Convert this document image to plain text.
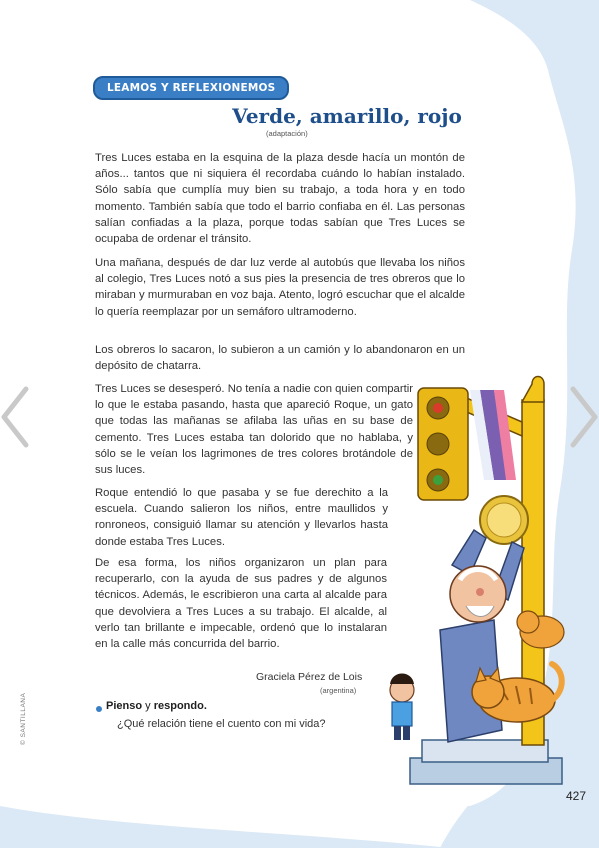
LEAMOS Y REFLEXIONEMOS
Verde, amarillo, rojo
(adaptación)
Tres Luces estaba en la esquina de la plaza desde hacía un montón de años... tantos que ni siquiera él recordaba cuándo lo habían instalado. Sólo sabía que cumplía muy bien su trabajo, a toda hora y en todo momento. También sabía que todo el barrio confiaba en él. Las personas salían confiadas a la plaza, porque todas sabían que Tres Luces se ocupaba de ordenar el tránsito.
Una mañana, después de dar luz verde al autobús que llevaba los niños al colegio, Tres Luces notó a sus pies la presencia de tres obreros que lo miraban y murmuraban en voz baja. Atento, logró escuchar que el alcalde lo quería reemplazar por un semáforo ultramoderno.
Los obreros lo sacaron, lo subieron a un camión y lo abandonaron en un depósito de chatarra.
Tres Luces se desesperó. No tenía a nadie con quien compartir lo que le estaba pasando, hasta que apareció Roque, un gato que todas las mañanas se afilaba las uñas en su base de cemento. Tres Luces estaba tan dolorido que no hablaba, y sólo se le veían los lagrimones de tres colores brotándole de sus luces.
Roque entendió lo que pasaba y se fue derechito a la escuela. Cuando salieron los niños, entre maullidos y ronroneos, consiguió llamar su atención y llevarlos hasta donde estaba Tres Luces.
De esa forma, los niños organizaron un plan para recuperarlo, con la ayuda de sus padres y de algunos técnicos. Además, le escribieron una carta al alcalde para que devolviera a Tres Luces a su trabajo. El alcalde, al verlo tan brillante e impecable, ordenó que lo instalaran en la calle más concurrida del barrio.
Graciela Pérez de Lois
(argentina)
Pienso y respondo.
¿Qué relación tiene el cuento con mi vida?
© SANTILLANA
427
